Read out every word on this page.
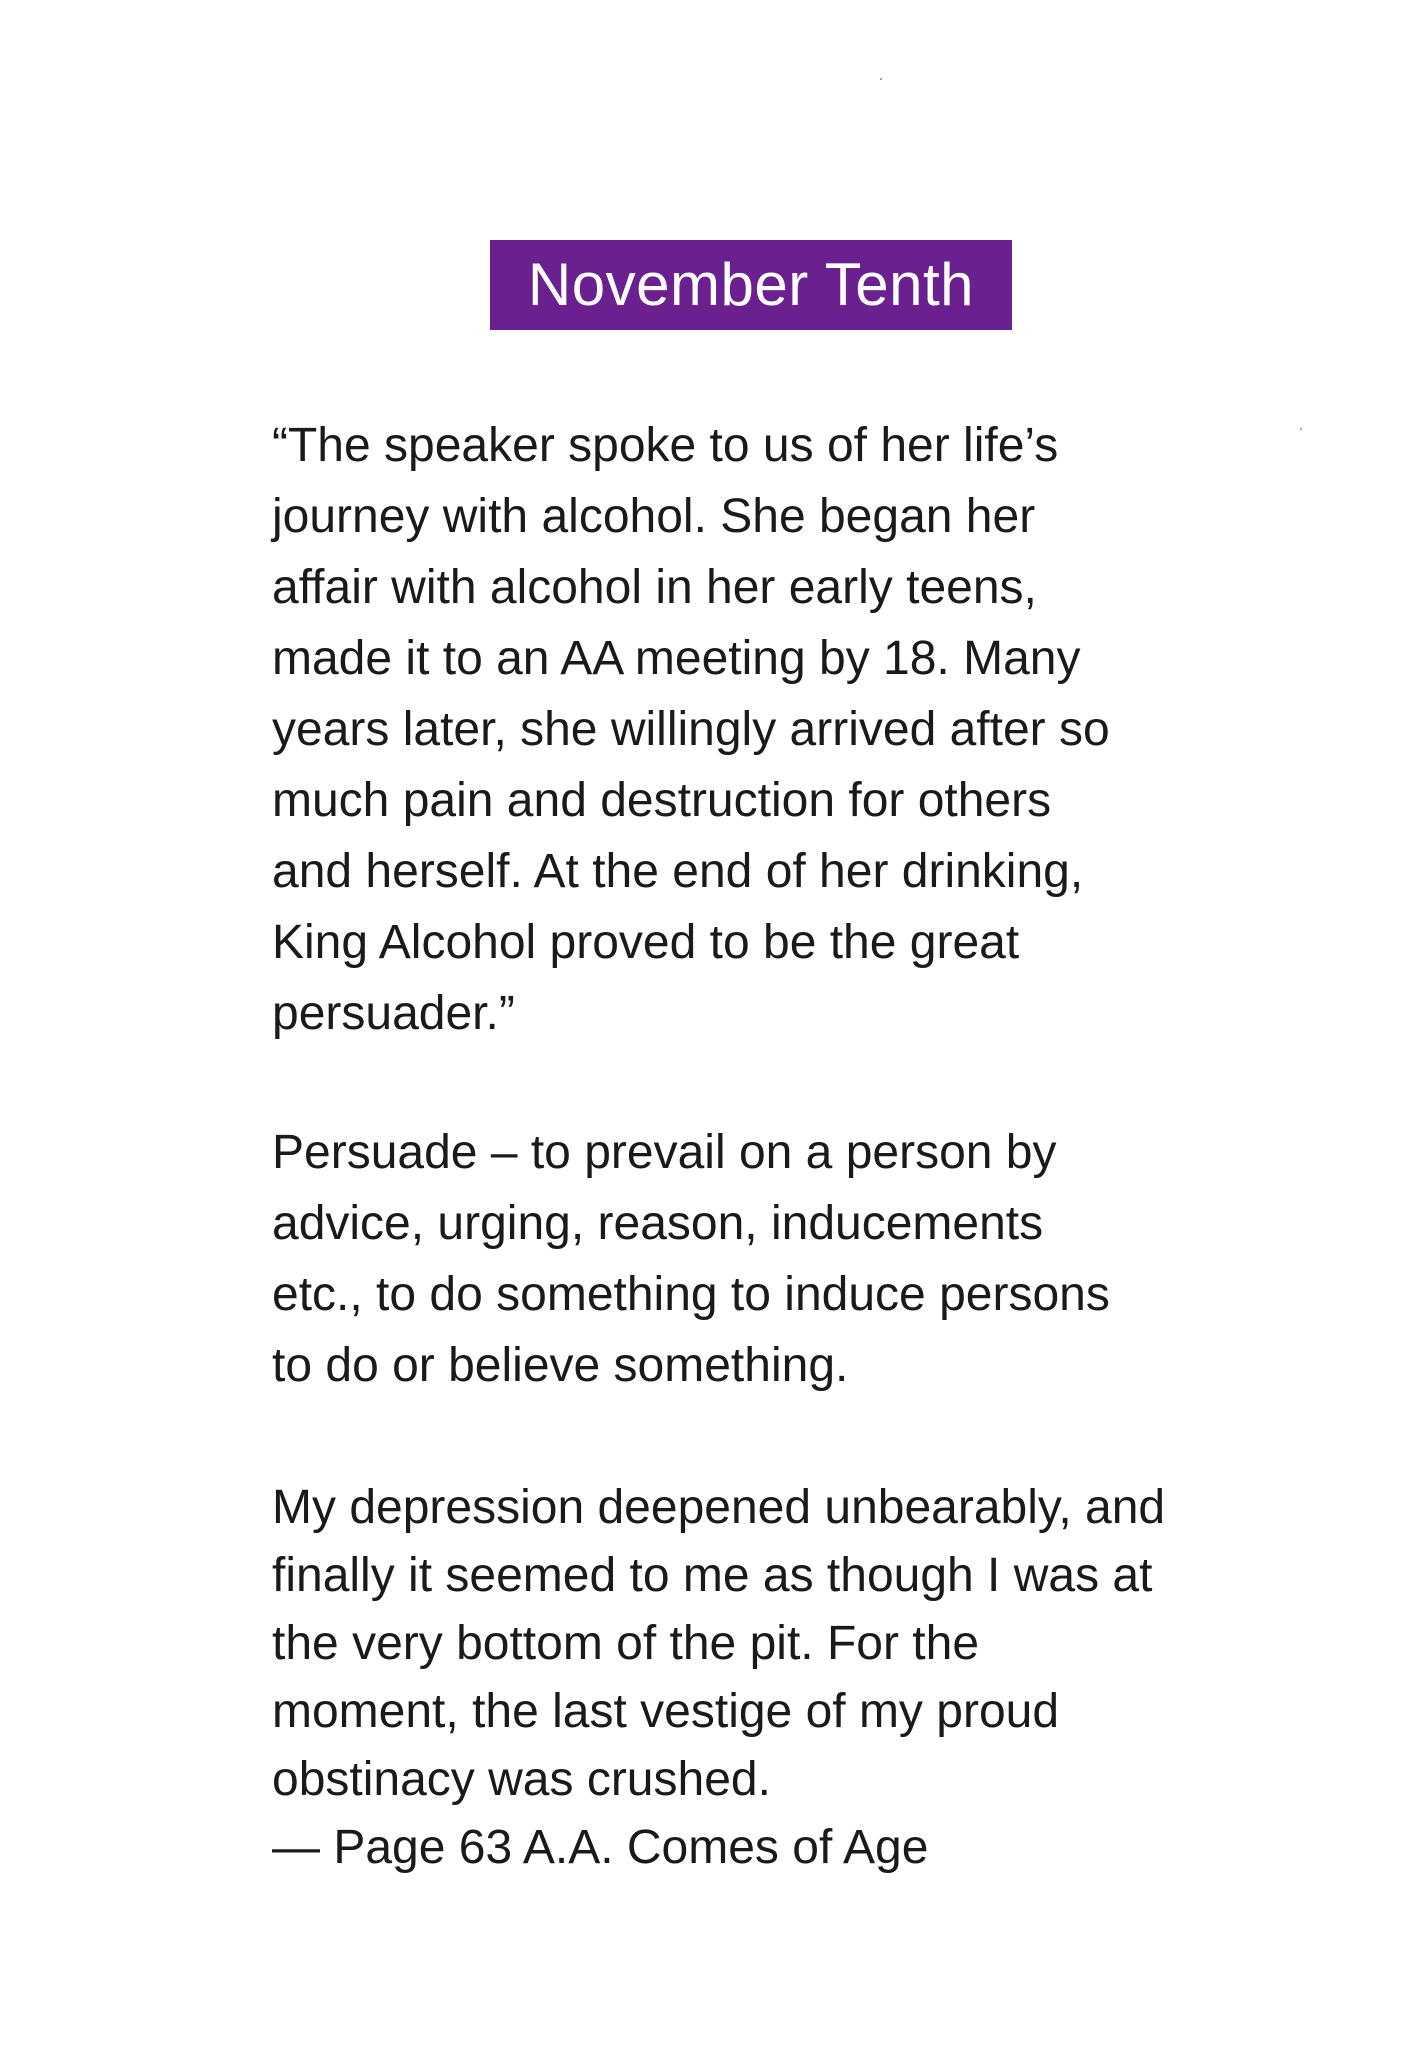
November Tenth
“The speaker spoke to us of her life’s
journey with alcohol. She began her
affair with alcohol in her early teens,
made it to an AA meeting by 18. Many
years later, she willingly arrived after so
much pain and destruction for others
and herself. At the end of her drinking,
King Alcohol proved to be the great
persuader.”
Persuade – to prevail on a person by
advice, urging, reason, inducements
etc., to do something to induce persons
to do or believe something.
My depression deepened unbearably, and
finally it seemed to me as though I was at
the very bottom of the pit. For the
moment, the last vestige of my proud
obstinacy was crushed.
— Page 63 A.A. Comes of Age
